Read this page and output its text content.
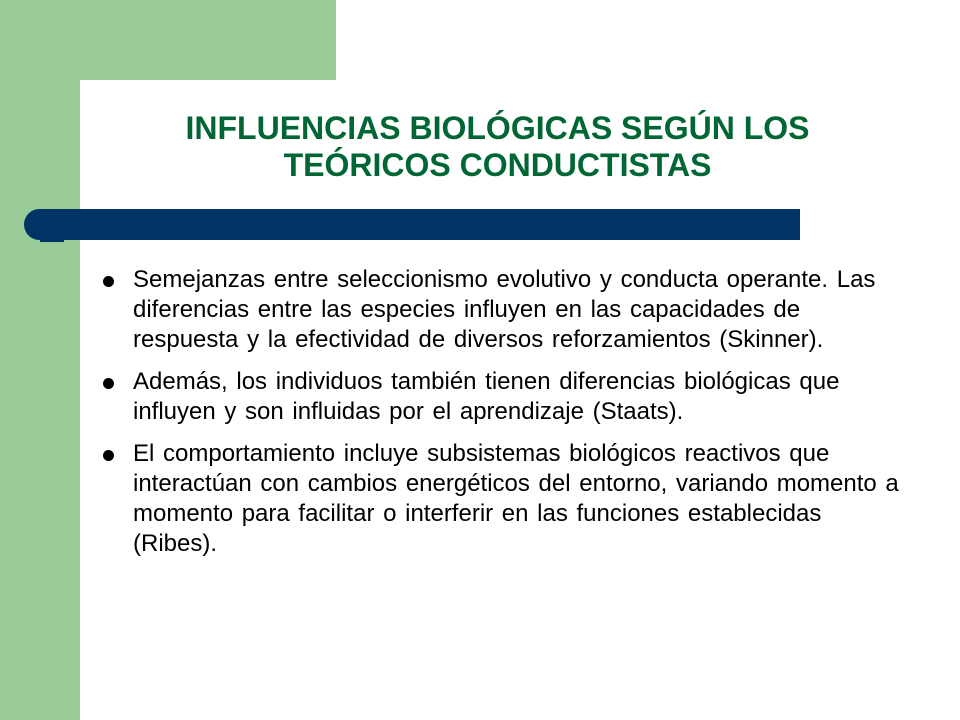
INFLUENCIAS BIOLÓGICAS SEGÚN LOS
TEÓRICOS CONDUCTISTAS
Semejanzas entre seleccionismo evolutivo y conducta operante. Las diferencias entre las especies influyen en las capacidades de respuesta y la efectividad de diversos reforzamientos (Skinner).
Además, los individuos también tienen diferencias biológicas que influyen y son influidas por el aprendizaje (Staats).
El comportamiento incluye subsistemas biológicos reactivos que interactúan con cambios energéticos del entorno, variando momento a momento para facilitar o interferir en las funciones establecidas (Ribes).
